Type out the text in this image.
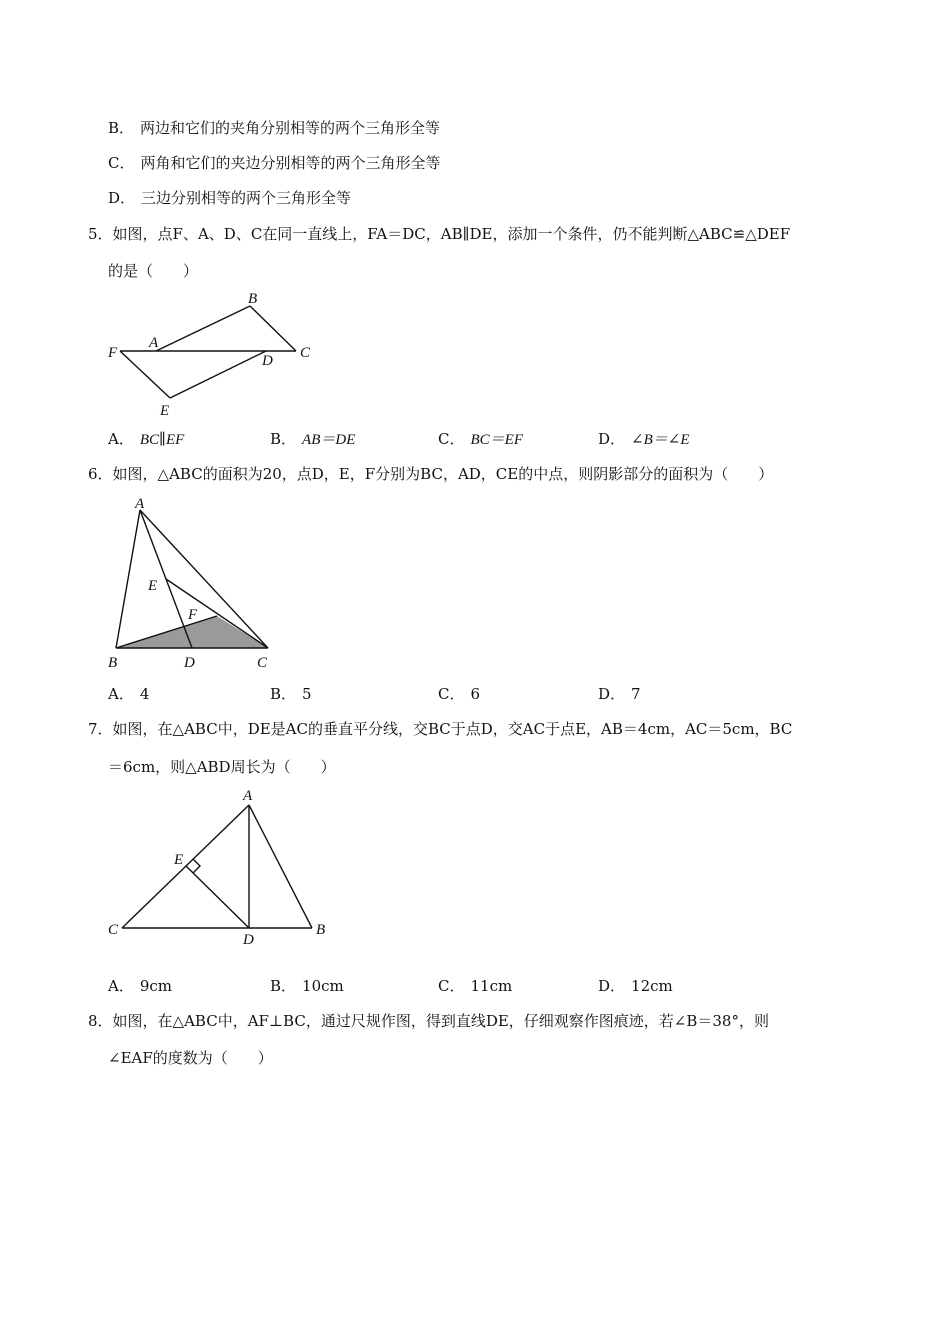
B． 两边和它们的夹角分别相等的两个三角形全等
C． 两角和它们的夹边分别相等的两个三角形全等
D． 三边分别相等的两个三角形全等
5．如图，点F、A、D、C在同一直线上，FA＝DC，AB∥DE，添加一个条件，仍不能判断△ABC≌△DEF
的是（　　）
B
A
F	D C
E
A． BC∥EF	B． AB＝DE	C． BC＝EF	D． ∠B＝∠E
6．如图，△ABC的面积为20，点D，E，F分别为BC，AD，CE的中点，则阴影部分的面积为（　　）
A
E
F
B	D	C
A． 4	B． 5	C． 6	D． 7
7．如图，在△ABC中，DE是AC的垂直平分线，交BC于点D，交AC于点E，AB＝4cm，AC＝5cm，BC
＝6cm，则△ABD周长为（　　）
A
E
C
D
B
A． 9cm	B． 10cm	C． 11cm	D． 12cm
8．如图，在△ABC中，AF⊥BC，通过尺规作图，得到直线DE，仔细观察作图痕迹，若∠B＝38°，则
∠EAF的度数为（　　）
